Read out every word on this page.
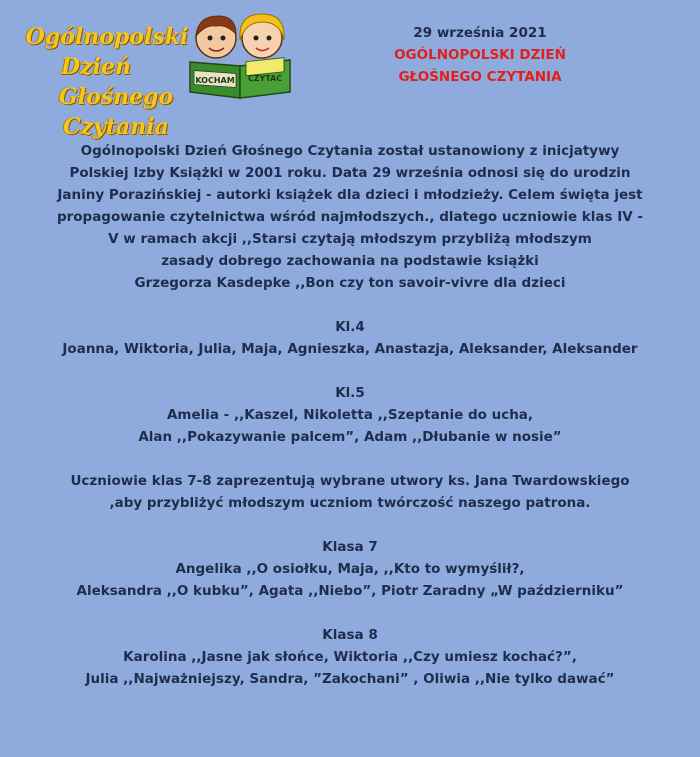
Ogólnopolski
Dzień
Głośnego Czytania
KOCHAM CZYTAĆ
29 września 2021
OGÓLNOPOLSKI DZIEŃ
GŁOŚNEGO CZYTANIA

Ogólnopolski Dzień Głośnego Czytania został ustanowiony z inicjatywy

Polskiej Izby Książki w 2001 roku. Data 29 września odnosi się do urodzin

Janiny Porazińskiej - autorki książek dla dzieci i młodzieży. Celem święta jest

propagowanie czytelnictwa wśród najmłodszych., dlatego uczniowie klas IV -

V w ramach akcji ,,Starsi czytają młodszym przybliżą młodszym

zasady dobrego zachowania na podstawie książki

Grzegorza Kasdepke ,,Bon czy ton savoir-vivre dla dzieci

Kl.4

Joanna, Wiktoria, Julia, Maja, Agnieszka, Anastazja, Aleksander, Aleksander

Kl.5

Amelia - ,,Kaszel, Nikoletta ,,Szeptanie do ucha,

Alan ,,Pokazywanie palcem”, Adam ,,Dłubanie w nosie”

Uczniowie klas 7-8 zaprezentują wybrane utwory ks. Jana Twardowskiego

,aby przybliżyć młodszym uczniom twórczość naszego patrona.

Klasa 7

Angelika ,,O osiołku, Maja, ,,Kto to wymyślił?,

Aleksandra ,,O kubku”, Agata ,,Niebo”, Piotr Zaradny „W październiku”

Klasa 8

Karolina ,,Jasne jak słońce, Wiktoria ,,Czy umiesz kochać?”,

Julia ,,Najważniejszy, Sandra, ”Zakochani” , Oliwia ,,Nie tylko dawać”
